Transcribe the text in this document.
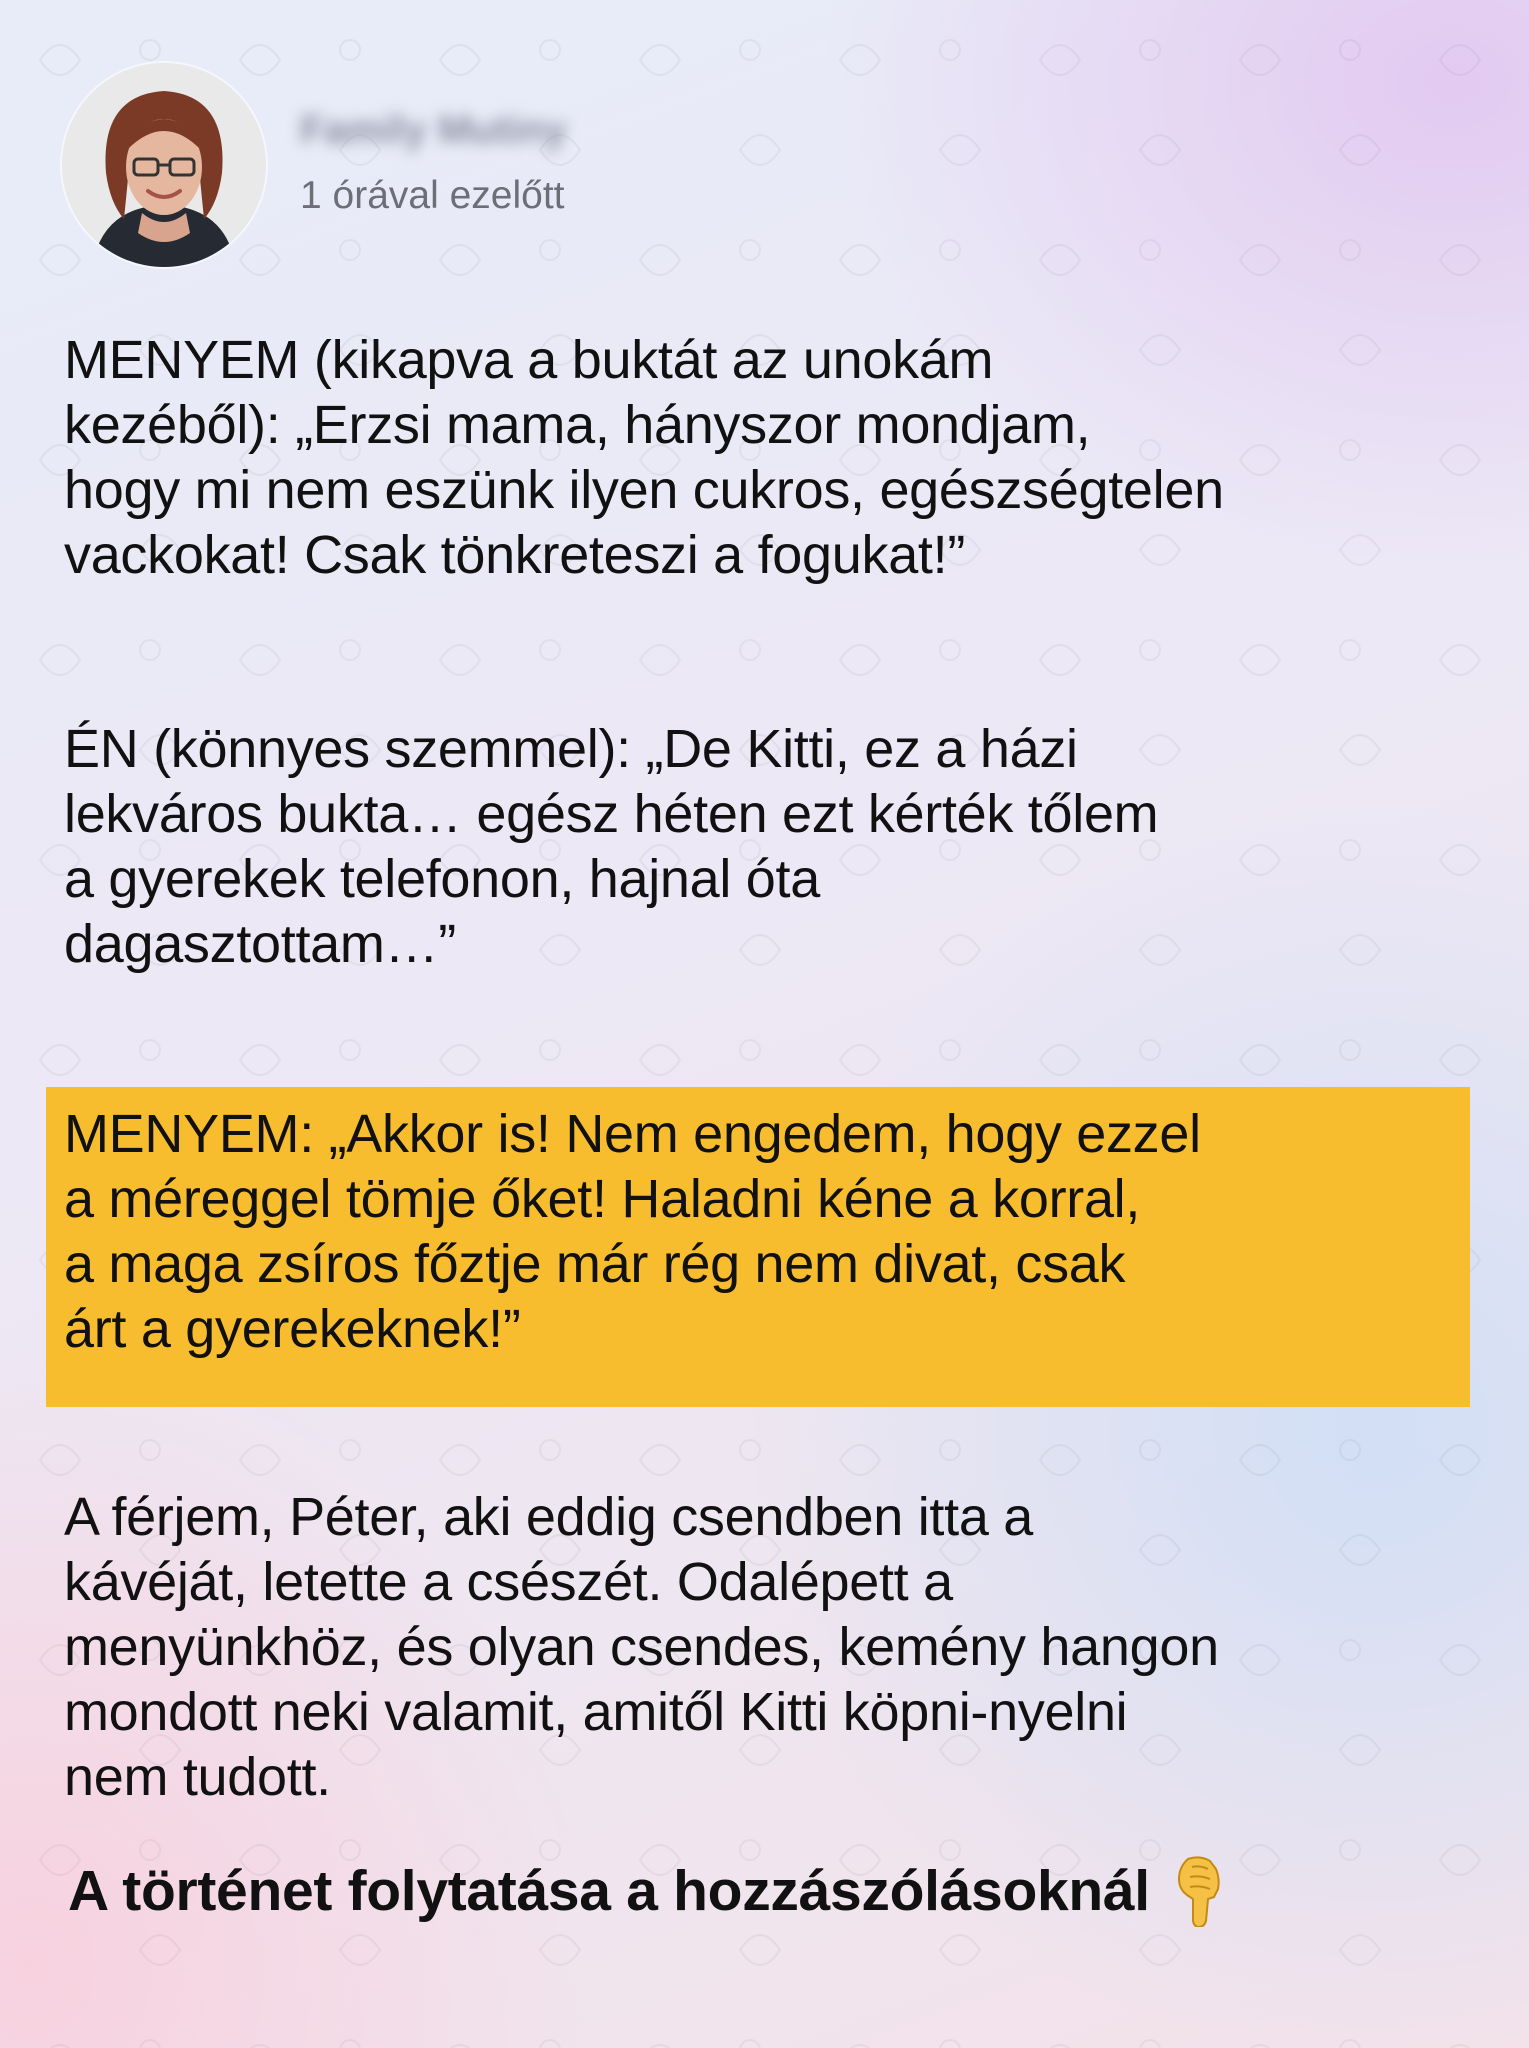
Family Mutiny
1 órával ezelőtt
MENYEM (kikapva a buktát az unokám
kezéből): „Erzsi mama, hányszor mondjam,
hogy mi nem eszünk ilyen cukros, egészségtelen
vackokat! Csak tönkreteszi a fogukat!”
ÉN (könnyes szemmel): „De Kitti, ez a házi
lekváros bukta… egész héten ezt kérték tőlem
a gyerekek telefonon, hajnal óta
dagasztottam…”
MENYEM: „Akkor is! Nem engedem, hogy ezzel
a méreggel tömje őket! Haladni kéne a korral,
a maga zsíros főztje már rég nem divat, csak
árt a gyerekeknek!”
A férjem, Péter, aki eddig csendben itta a
kávéját, letette a csészét. Odalépett a
menyünkhöz, és olyan csendes, kemény hangon
mondott neki valamit, amitől Kitti köpni-nyelni
nem tudott.
A történet folytatása a hozzászólásoknál
